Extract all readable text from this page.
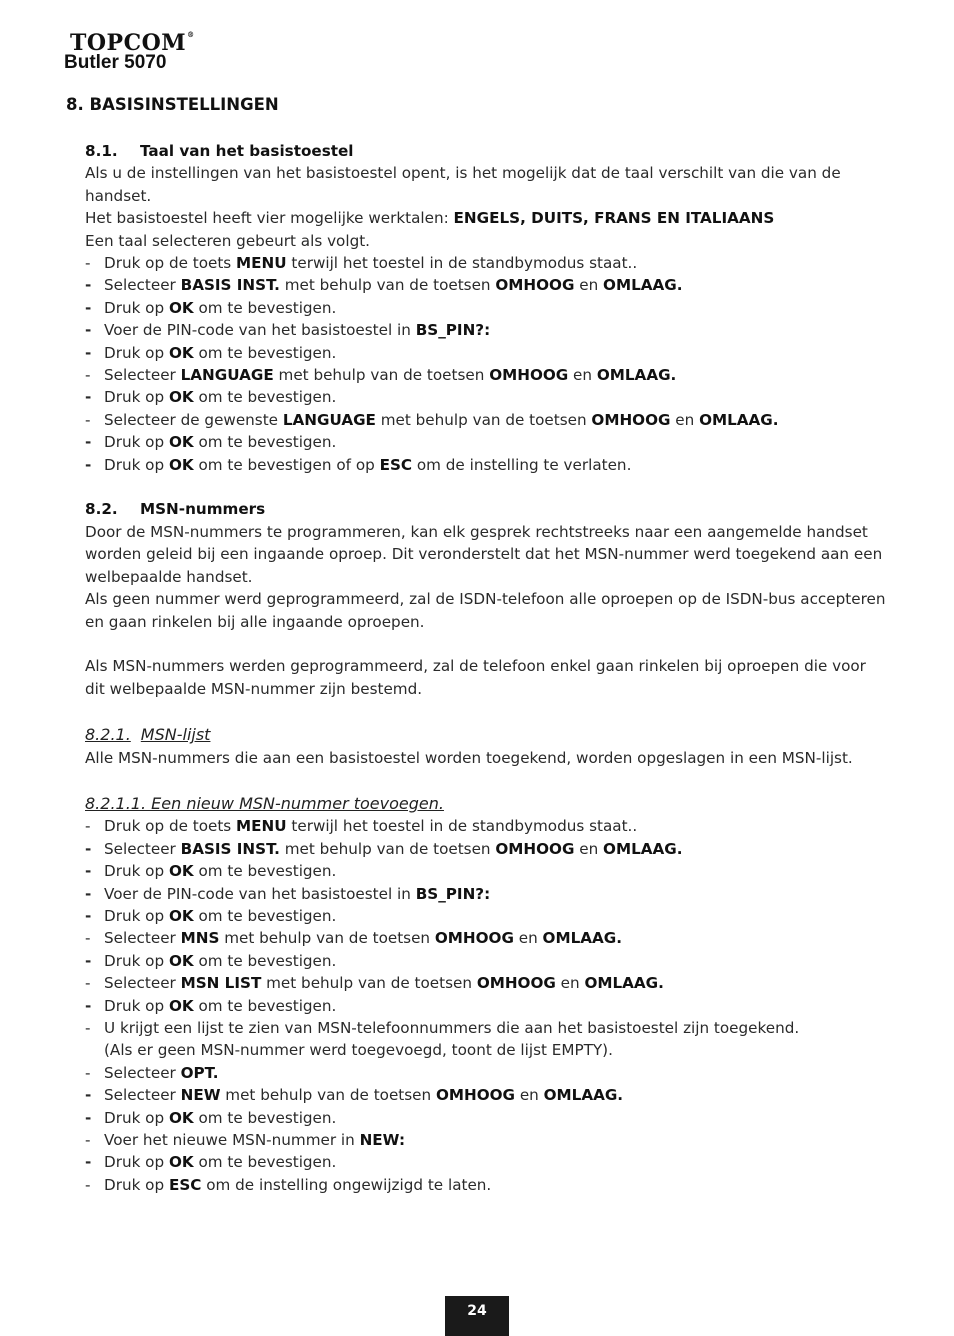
TOPCOM®
Butler 5070
8. BASISINSTELLINGEN

8.1. Taal van het basistoestel

Als u de instellingen van het basistoestel opent, is het mogelijk dat de taal verschilt van die van de handset.

Het basistoestel heeft vier mogelijke werktalen: ENGELS, DUITS, FRANS EN ITALIAANS

Een taal selecteren gebeurt als volgt.

- Druk op de toets MENU terwijl het toestel in de standbymodus staat..
- Selecteer BASIS INST. met behulp van de toetsen OMHOOG en OMLAAG.
- Druk op OK om te bevestigen.
- Voer de PIN-code van het basistoestel in BS_PIN?:
- Druk op OK om te bevestigen.
- Selecteer LANGUAGE met behulp van de toetsen OMHOOG en OMLAAG.
- Druk op OK om te bevestigen.
- Selecteer de gewenste LANGUAGE met behulp van de toetsen OMHOOG en OMLAAG.
- Druk op OK om te bevestigen.
- Druk op OK om te bevestigen of op ESC om de instelling te verlaten.

8.2. MSN-nummers

Door de MSN-nummers te programmeren, kan elk gesprek rechtstreeks naar een aangemelde handset worden geleid bij een ingaande oproep. Dit veronderstelt dat het MSN-nummer werd toegekend aan een welbepaalde handset.

Als geen nummer werd geprogrammeerd, zal de ISDN-telefoon alle oproepen op de ISDN-bus accepteren en gaan rinkelen bij alle ingaande oproepen.

Als MSN-nummers werden geprogrammeerd, zal de telefoon enkel gaan rinkelen bij oproepen die voor dit welbepaalde MSN-nummer zijn bestemd.

8.2.1. MSN-lijst

Alle MSN-nummers die aan een basistoestel worden toegekend, worden opgeslagen in een MSN-lijst.

8.2.1.1. Een nieuw MSN-nummer toevoegen.

- Druk op de toets MENU terwijl het toestel in de standbymodus staat..
- Selecteer BASIS INST. met behulp van de toetsen OMHOOG en OMLAAG.
- Druk op OK om te bevestigen.
- Voer de PIN-code van het basistoestel in BS_PIN?:
- Druk op OK om te bevestigen.
- Selecteer MNS met behulp van de toetsen OMHOOG en OMLAAG.
- Druk op OK om te bevestigen.
- Selecteer MSN LIST met behulp van de toetsen OMHOOG en OMLAAG.
- Druk op OK om te bevestigen.
- U krijgt een lijst te zien van MSN-telefoonnummers die aan het basistoestel zijn toegekend.
(Als er geen MSN-nummer werd toegevoegd, toont de lijst EMPTY).
- Selecteer OPT.
- Selecteer NEW met behulp van de toetsen OMHOOG en OMLAAG.
- Druk op OK om te bevestigen.
- Voer het nieuwe MSN-nummer in NEW:
- Druk op OK om te bevestigen.
- Druk op ESC om de instelling ongewijzigd te laten.
24
